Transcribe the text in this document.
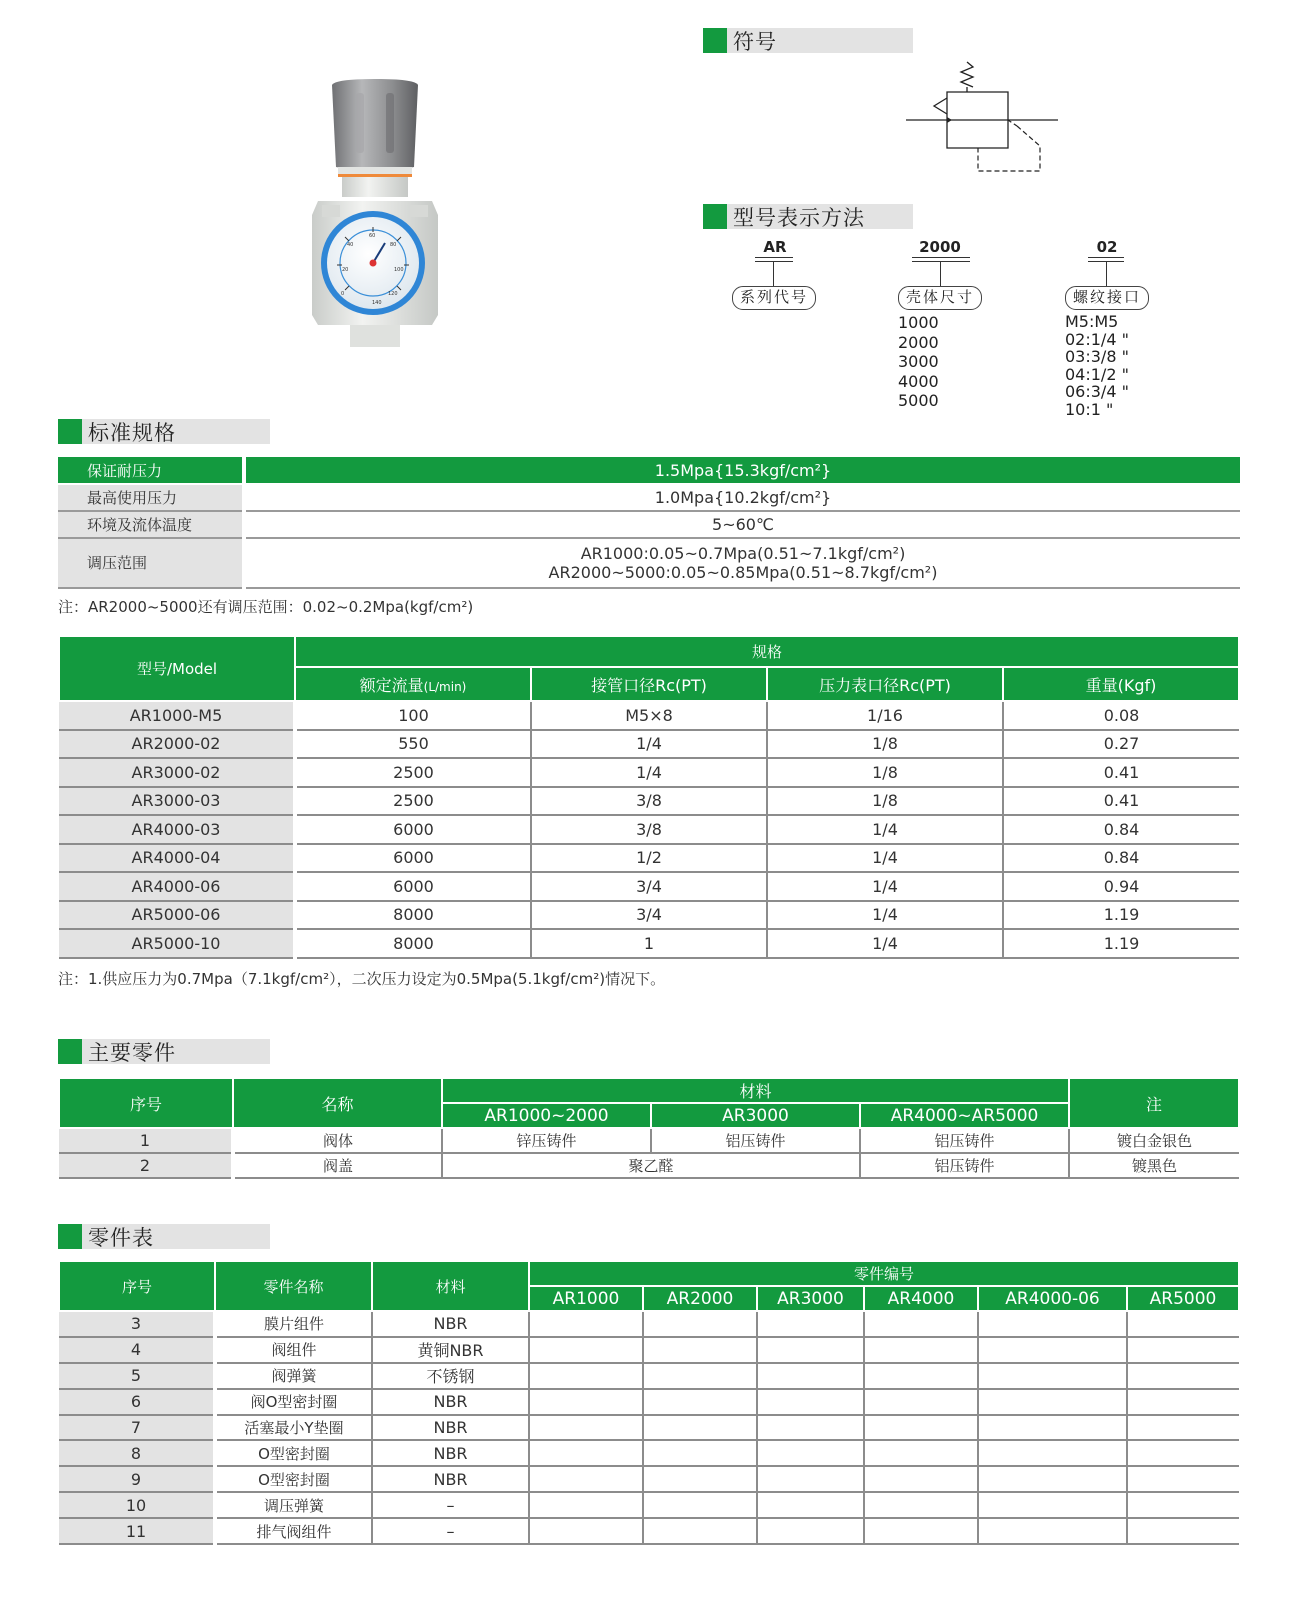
0
20
40
60
80
100
120
140
符号
型号表示方法
AR
系列代号
2000
壳体尺寸
1000
2000
3000
4000
5000
02
螺纹接口
M5:M5
02:1/4 "
03:3/8 "
04:1/2 "
06:3/4 "
10:1 "
标准规格
保证耐压力	1.5Mpa{15.3kgf/cm²}
最高使用压力	1.0Mpa{10.2kgf/cm²}
环境及流体温度	5~60℃
调压范围	AR1000:0.05~0.7Mpa(0.51~7.1kgf/cm²)
AR2000~5000:0.05~0.85Mpa(0.51~8.7kgf/cm²)
注：AR2000~5000还有调压范围：0.02~0.2Mpa(kgf/cm²)
型号/Model	规格			
	额定流量(L/min)	接管口径Rc(PT)	压力表口径Rc(PT)	重量(Kgf)
AR1000-M5	100	M5×8	1/16	0.08
AR2000-02	550	1/4	1/8	0.27
AR3000-02	2500	1/4	1/8	0.41
AR3000-03	2500	3/8	1/8	0.41
AR4000-03	6000	3/8	1/4	0.84
AR4000-04	6000	1/2	1/4	0.84
AR4000-06	6000	3/4	1/4	0.94
AR5000-06	8000	3/4	1/4	1.19
AR5000-10	8000	1	1/4	1.19
注：1.供应压力为0.7Mpa（7.1kgf/cm²），二次压力设定为0.5Mpa(5.1kgf/cm²)情况下。
主要零件
序号	名称	材料			注
		AR1000~2000	AR3000	AR4000~AR5000	
1	阀体	锌压铸件	铝压铸件	铝压铸件	镀白金银色
2	阀盖	聚乙醛		铝压铸件	镀黑色
零件表
序号	零件名称	材料	零件编号					
			AR1000	AR2000	AR3000	AR4000	AR4000-06	AR5000
3	膜片组件	NBR						
4	阀组件	黄铜NBR						
5	阀弹簧	不锈钢						
6	阀O型密封圈	NBR						
7	活塞最小Y垫圈	NBR						
8	O型密封圈	NBR						
9	O型密封圈	NBR						
10	调压弹簧	–						
11	排气阀组件	–						
